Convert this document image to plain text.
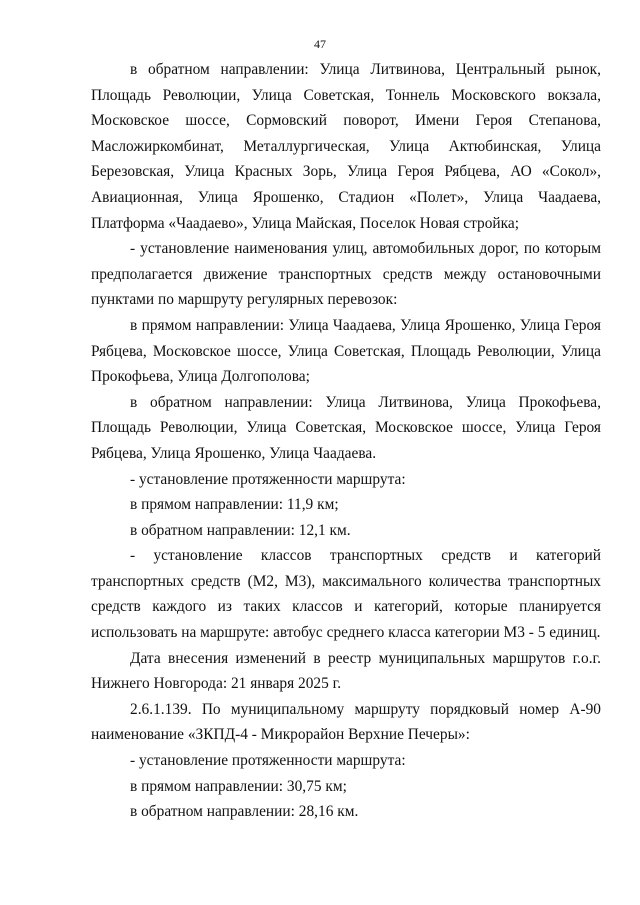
47

в обратном направлении: Улица Литвинова, Центральный рынок, Площадь Революции, Улица Советская, Тоннель Московского вокзала, Московское шоссе, Сормовский поворот, Имени Героя Степанова, Масложиркомбинат, Металлургическая, Улица Актюбинская, Улица Березовская, Улица Красных Зорь, Улица Героя Рябцева, АО «Сокол», Авиационная, Улица Ярошенко, Стадион «Полет», Улица Чаадаева, Платформа «Чаадаево», Улица Майская, Поселок Новая стройка;

- установление наименования улиц, автомобильных дорог, по которым предполагается движение транспортных средств между остановочными пунктами по маршруту регулярных перевозок:

в прямом направлении: Улица Чаадаева, Улица Ярошенко, Улица Героя Рябцева, Московское шоссе, Улица Советская, Площадь Революции, Улица Прокофьева, Улица Долгополова;

в обратном направлении: Улица Литвинова, Улица Прокофьева, Площадь Революции, Улица Советская, Московское шоссе, Улица Героя Рябцева, Улица Ярошенко, Улица Чаадаева.

- установление протяженности маршрута:

в прямом направлении: 11,9 км;

в обратном направлении: 12,1 км.

- установление классов транспортных средств и категорий транспортных средств (М2, М3), максимального количества транспортных средств каждого из таких классов и категорий, которые планируется использовать на маршруте: автобус среднего класса категории М3 - 5 единиц.

Дата внесения изменений в реестр муниципальных маршрутов г.о.г. Нижнего Новгорода: 21 января 2025 г.

2.6.1.139. По муниципальному маршруту порядковый номер А-90 наименование «ЗКПД-4 - Микрорайон Верхние Печеры»:

- установление протяженности маршрута:

в прямом направлении: 30,75 км;

в обратном направлении: 28,16 км.
